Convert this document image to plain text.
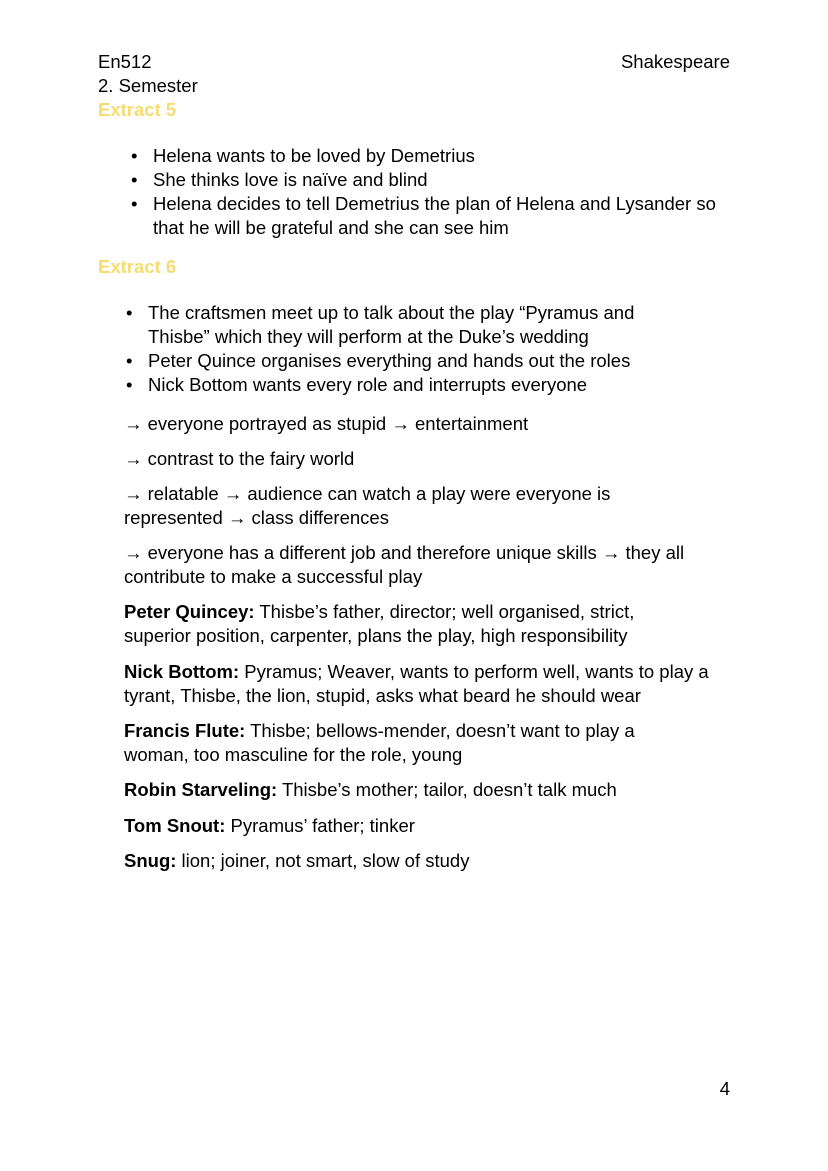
En512
2. Semester
Shakespeare
Extract 5
• Helena wants to be loved by Demetrius
• She thinks love is naïve and blind
• Helena decides to tell Demetrius the plan of Helena and Lysander so that he will be grateful and she can see him
Extract 6
• The craftsmen meet up to talk about the play “Pyramus and Thisbe” which they will perform at the Duke’s wedding
• Peter Quince organises everything and hands out the roles
• Nick Bottom wants every role and interrupts everyone
→ everyone portrayed as stupid → entertainment
→ contrast to the fairy world
→ relatable → audience can watch a play were everyone is represented → class differences
→ everyone has a different job and therefore unique skills → they all contribute to make a successful play
Peter Quincey: Thisbe’s father, director; well organised, strict, superior position, carpenter, plans the play, high responsibility
Nick Bottom: Pyramus; Weaver, wants to perform well, wants to play a tyrant, Thisbe, the lion, stupid, asks what beard he should wear
Francis Flute: Thisbe; bellows-mender, doesn’t want to play a woman, too masculine for the role, young
Robin Starveling: Thisbe’s mother; tailor, doesn’t talk much
Tom Snout: Pyramus’ father; tinker
Snug: lion; joiner, not smart, slow of study
4
